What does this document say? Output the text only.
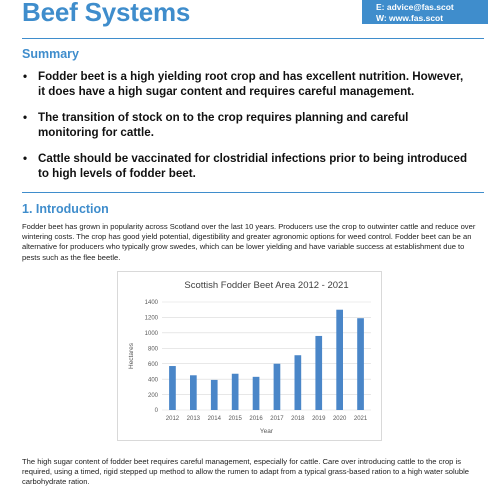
Beef Systems	E: advice@fas.scot
W: www.fas.scot
Summary
• Fodder beet is a high yielding root crop and has excellent nutrition. However, it does have a high sugar content and requires careful management.
• The transition of stock on to the crop requires planning and careful monitoring for cattle.
• Cattle should be vaccinated for clostridial infections prior to being introduced to high levels of fodder beet.
1. Introduction
Fodder beet has grown in popularity across Scotland over the last 10 years. Producers use the crop to outwinter cattle and reduce over wintering costs. The crop has good yield potential, digestibility and greater agronomic options for weed control. Fodder beet can be an alternative for producers who typically grow swedes, which can be lower yielding and have variable success at establishment due to pests such as the flee beetle.
Scottish Fodder Beet Area 2012 - 2021
0
200
400
600
800
1000
1200
1400
2012 2013 2014 2015 2016 2017 2018 2019 2020 2021
Year
Hectares
The high sugar content of fodder beet requires careful management, especially for cattle. Care over introducing cattle to the crop is required, using a timed, rigid stepped up method to allow the rumen to adapt from a typical grass-based ration to a high water soluble carbohydrate ration.
